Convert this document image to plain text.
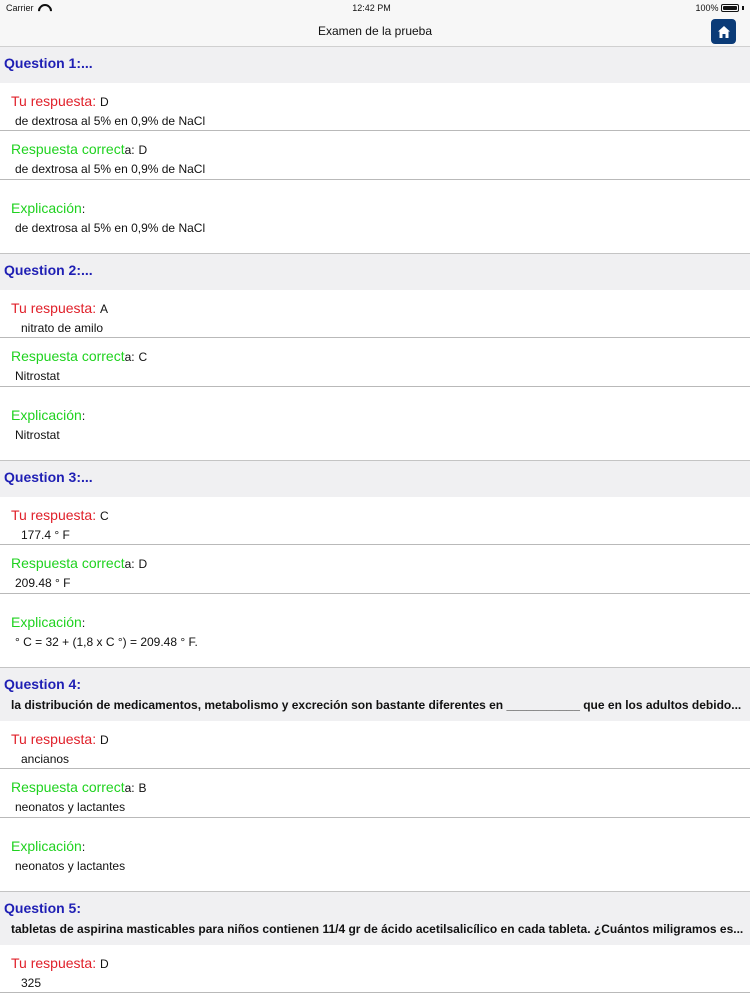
Carrier	12:42 PM	100%
Examen de la prueba
Question 1:...
Tu respuesta: D
de dextrosa al 5% en 0,9% de NaCl
Respuesta correcta: D
de dextrosa al 5% en 0,9% de NaCl
Explicación:
de dextrosa al 5% en 0,9% de NaCl
Question 2:...
Tu respuesta: A
nitrato de amilo
Respuesta correcta: C
Nitrostat
Explicación:
Nitrostat
Question 3:...
Tu respuesta: C
177.4 ° F
Respuesta correcta: D
209.48 ° F
Explicación:
° C = 32 + (1,8 x C °) = 209.48 ° F.
Question 4:
la distribución de medicamentos, metabolismo y excreción son bastante diferentes en ___________ que en los adultos debido...
Tu respuesta: D
ancianos
Respuesta correcta: B
neonatos y lactantes
Explicación:
neonatos y lactantes
Question 5:
tabletas de aspirina masticables para niños contienen 11/4 gr de ácido acetilsalicílico en cada tableta. ¿Cuántos miligramos es...
Tu respuesta: D
325
